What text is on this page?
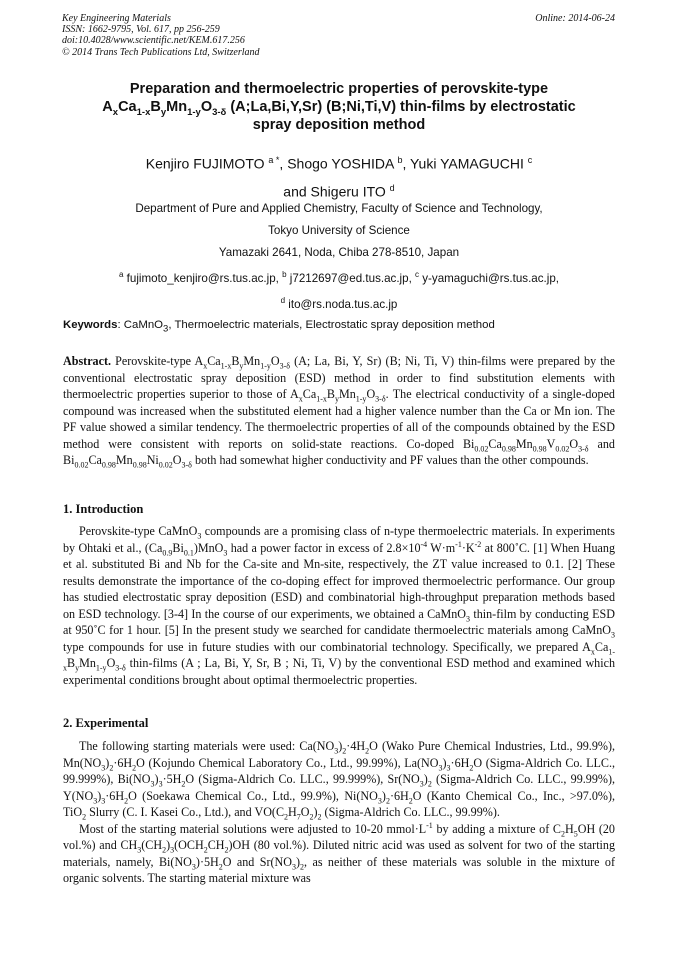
Key Engineering Materials
ISSN: 1662-9795, Vol. 617, pp 256-259
doi:10.4028/www.scientific.net/KEM.617.256
© 2014 Trans Tech Publications Ltd, Switzerland
Online: 2014-06-24
Preparation and thermoelectric properties of perovskite-type
$A_xCa_{1-x}B_yMn_{1-y}O_{3-\delta}$ (A;La,Bi,Y,Sr) (B;Ni,Ti,V) thin-films by electrostatic
spray deposition method
Kenjiro FUJIMOTO $^{a *}$, Shogo YOSHIDA $^b$, Yuki YAMAGUCHI $^c$
and Shigeru ITO $^d$
Department of Pure and Applied Chemistry, Faculty of Science and Technology,
Tokyo University of Science
Yamazaki 2641, Noda, Chiba 278-8510, Japan
$^a$ fujimoto_kenjiro@rs.tus.ac.jp, $^b$ j7212697@ed.tus.ac.jp, $^c$ y-yamaguchi@rs.tus.ac.jp,
$^d$ ito@rs.noda.tus.ac.jp
Keywords: CaMnO$_3$, Thermoelectric materials, Electrostatic spray deposition method

Abstract. Perovskite-type $A_xCa_{1-x}B_yMn_{1-y}O_{3-\delta}$ (A; La, Bi, Y, Sr) (B; Ni, Ti, V) thin-films were prepared by the conventional electrostatic spray deposition (ESD) method in order to find substitution elements with thermoelectric properties superior to those of $A_xCa_{1-x}B_yMn_{1-y}O_{3-\delta}$. The electrical conductivity of a single-doped compound was increased when the substituted element had a higher valence number than the Ca or Mn ion. The PF value showed a similar tendency. The thermoelectric properties of all of the compounds obtained by the ESD method were consistent with reports on solid-state reactions. Co-doped $Bi_{0.02}Ca_{0.98}Mn_{0.98}V_{0.02}O_{3-\delta}$ and $Bi_{0.02}Ca_{0.98}Mn_{0.98}Ni_{0.02}O_{3-\delta}$ both had somewhat higher conductivity and PF values than the other compounds.

1. Introduction

Perovskite-type CaMnO$_3$ compounds are a promising class of n-type thermoelectric materials. In experiments by Ohtaki et al., $(Ca_{0.9}Bi_{0.1})MnO_3$ had a power factor in excess of $2.8\times 10^{-4}$ $W\cdot m^{-1}\cdot K^{-2}$ at 800˚C. [1] When Huang et al. substituted Bi and Nb for the Ca-site and Mn-site, respectively, the ZT value increased to 0.1. [2] These results demonstrate the importance of the co-doping effect for improved thermoelectric performance. Our group has studied electrostatic spray deposition (ESD) and combinatorial high-throughput preparation methods based on ESD technology. [3-4] In the course of our experiments, we obtained a CaMnO$_3$ thin-film by conducting ESD at 950˚C for 1 hour. [5] In the present study we searched for candidate thermoelectric materials among CaMnO$_3$ type compounds for use in future studies with our combinatorial technology. Specifically, we prepared $A_xCa_{1-x}B_yMn_{1-y}O_{3-\delta}$ thin-films (A ; La, Bi, Y, Sr, B ; Ni, Ti, V) by the conventional ESD method and examined which experimental conditions brought about optimal thermoelectric properties.

2. Experimental

The following starting materials were used: $Ca(NO_3)_2\cdot 4H_2O$ (Wako Pure Chemical Industries, Ltd., 99.9%), $Mn(NO_3)_2\cdot 6H_2O$ (Kojundo Chemical Laboratory Co., Ltd., 99.99%), $La(NO_3)_3\cdot 6H_2O$ (Sigma-Aldrich Co. LLC., 99.999%), $Bi(NO_3)_3\cdot 5H_2O$ (Sigma-Aldrich Co. LLC., 99.999%), $Sr(NO_3)_2$ (Sigma-Aldrich Co. LLC., 99.99%), $Y(NO_3)_3\cdot 6H_2O$ (Soekawa Chemical Co., Ltd., 99.9%), $Ni(NO_3)_2\cdot 6H_2O$ (Kanto Chemical Co., Inc., >97.0%), TiO$_2$ Slurry (C. I. Kasei Co., Ltd.), and $VO(C_2H_7O_2)_2$ (Sigma-Aldrich Co. LLC., 99.99%).

Most of the starting material solutions were adjusted to 10-20 $mmol\cdot L^{-1}$ by adding a mixture of $C_2H_5OH$ (20 vol.%) and $CH_3(CH_2)_3(OCH_2CH_2)OH$ (80 vol.%). Diluted nitric acid was used as solvent for two of the starting materials, namely, $Bi(NO_3)\cdot 5H_2O$ and $Sr(NO_3)_2$, as neither of these materials was soluble in the mixture of organic solvents. The starting material mixture was
